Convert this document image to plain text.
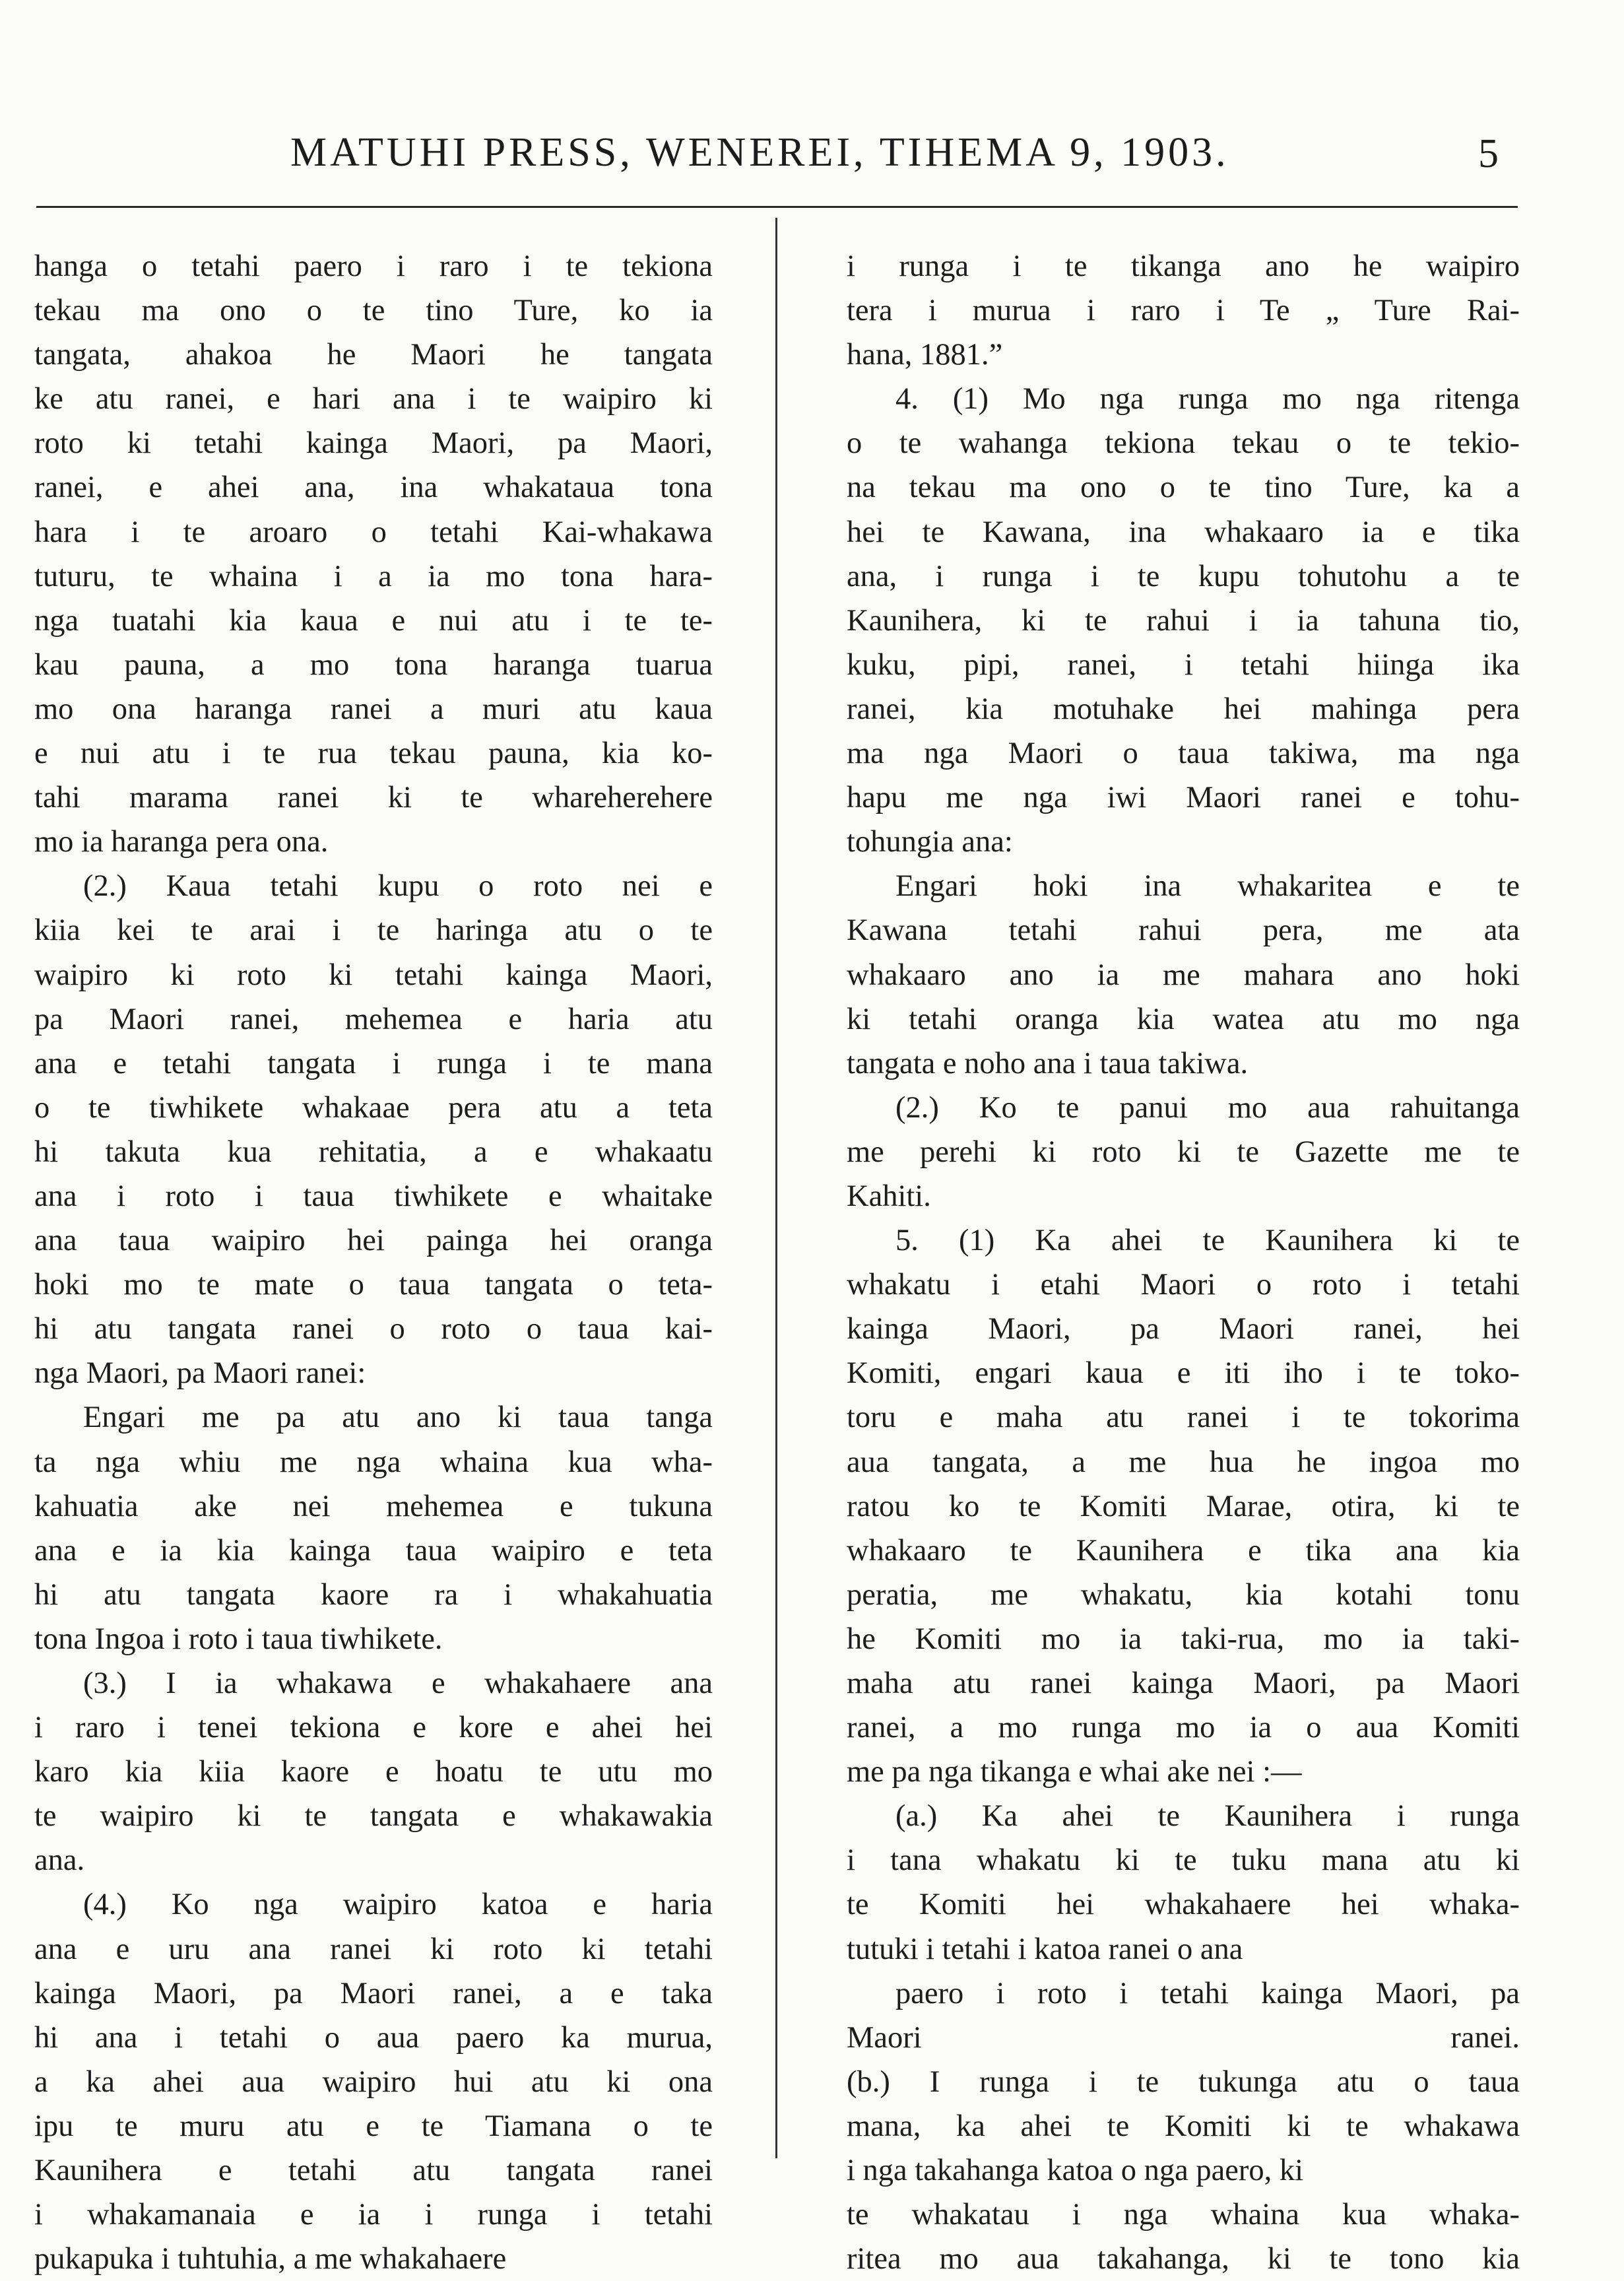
MATUHI PRESS, WENEREI, TIHEMA 9, 1903.	5
hanga o tetahi paero i raro i te tekiona
tekau ma ono o te tino Ture, ko ia
tangata, ahakoa he Maori he tangata
ke atu ranei, e hari ana i te waipiro ki
roto ki tetahi kainga Maori, pa Maori,
ranei, e ahei ana, ina whakataua tona
hara i te aroaro o tetahi Kai-whakawa
tuturu, te whaina i a ia mo tona hara-
nga tuatahi kia kaua e nui atu i te te-
kau pauna, a mo tona haranga tuarua
mo ona haranga ranei a muri atu kaua
e nui atu i te rua tekau pauna, kia ko-
tahi marama ranei ki te whareherehere
mo ia haranga pera ona.
(2.) Kaua tetahi kupu o roto nei e
kiia kei te arai i te haringa atu o te
waipiro ki roto ki tetahi kainga Maori,
pa Maori ranei, mehemea e haria atu
ana e tetahi tangata i runga i te mana
o te tiwhikete whakaae pera atu a teta
hi takuta kua rehitatia, a e whakaatu
ana i roto i taua tiwhikete e whaitake
ana taua waipiro hei painga hei oranga
hoki mo te mate o taua tangata o teta-
hi atu tangata ranei o roto o taua kai-
nga Maori, pa Maori ranei:
Engari me pa atu ano ki taua tanga
ta nga whiu me nga whaina kua wha-
kahuatia ake nei mehemea e tukuna
ana e ia kia kainga taua waipiro e teta
hi atu tangata kaore ra i whakahuatia
tona Ingoa i roto i taua tiwhikete.
(3.) I ia whakawa e whakahaere ana
i raro i tenei tekiona e kore e ahei hei
karo kia kiia kaore e hoatu te utu mo
te waipiro ki te tangata e whakawakia
ana.
(4.) Ko nga waipiro katoa e haria
ana e uru ana ranei ki roto ki tetahi
kainga Maori, pa Maori ranei, a e taka
hi ana i tetahi o aua paero ka murua,
a ka ahei aua waipiro hui atu ki ona
ipu te muru atu e te Tiamana o te
Kaunihera e tetahi atu tangata ranei
i whakamanaia e ia i runga i tetahi
pukapuka i tuhtuhia, a me whakahaere
i runga i te tikanga ano he waipiro
tera i murua i raro i Te „ Ture Rai-
hana, 1881.”
4. (1) Mo nga runga mo nga ritenga
o te wahanga tekiona tekau o te tekio-
na tekau ma ono o te tino Ture, ka a
hei te Kawana, ina whakaaro ia e tika
ana, i runga i te kupu tohutohu a te
Kaunihera, ki te rahui i ia tahuna tio,
kuku, pipi, ranei, i tetahi hiinga ika
ranei, kia motuhake hei mahinga pera
ma nga Maori o taua takiwa, ma nga
hapu me nga iwi Maori ranei e tohu-
tohungia ana:
Engari hoki ina whakaritea e te
Kawana tetahi rahui pera, me ata
whakaaro ano ia me mahara ano hoki
ki tetahi oranga kia watea atu mo nga
tangata e noho ana i taua takiwa.
(2.) Ko te panui mo aua rahuitanga
me perehi ki roto ki te Gazette me te
Kahiti.
5. (1) Ka ahei te Kaunihera ki te
whakatu i etahi Maori o roto i tetahi
kainga Maori, pa Maori ranei, hei
Komiti, engari kaua e iti iho i te toko-
toru e maha atu ranei i te tokorima
aua tangata, a me hua he ingoa mo
ratou ko te Komiti Marae, otira, ki te
whakaaro te Kaunihera e tika ana kia
peratia, me whakatu, kia kotahi tonu
he Komiti mo ia taki-rua, mo ia taki-
maha atu ranei kainga Maori, pa Maori
ranei, a mo runga mo ia o aua Komiti
me pa nga tikanga e whai ake nei :—
(a.) Ka ahei te Kaunihera i runga
i tana whakatu ki te tuku mana atu ki
te Komiti hei whakahaere hei whaka-
tutuki i tetahi i katoa ranei o ana
paero i roto i tetahi kainga Maori, pa
Maori ranei.
(b.) I runga i te tukunga atu o taua
mana, ka ahei te Komiti ki te whakawa
i nga takahanga katoa o nga paero, ki
te whakatau i nga whaina kua whaka-
ritea mo aua takahanga, ki te tono kia
